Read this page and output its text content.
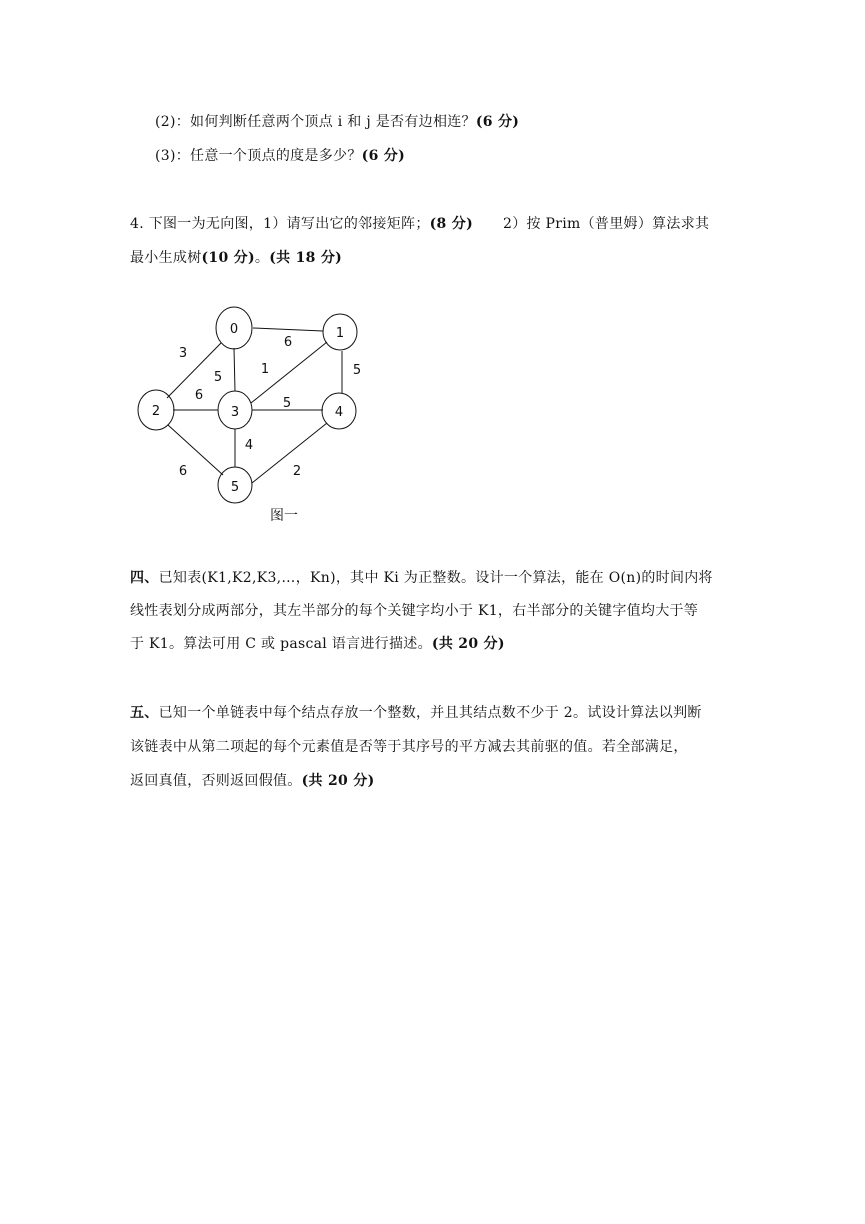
(2)：如何判断任意两个顶点 i 和 j 是否有边相连？(6 分)
(3)：任意一个顶点的度是多少？(6 分)
4. 下图一为无向图，1）请写出它的邻接矩阵；(8 分) 2）按 Prim（普里姆）算法求其
最小生成树(10 分)。(共 18 分)
0	1
2	3	4
5
6
3
5
1	5
6
5
6
4
2
图一
四、已知表(K1,K2,K3,…，Kn)，其中 Ki 为正整数。设计一个算法，能在 O(n)的时间内将
线性表划分成两部分，其左半部分的每个关键字均小于 K1，右半部分的关键字值均大于等
于 K1。算法可用 C 或 pascal 语言进行描述。(共 20 分)
五、已知一个单链表中每个结点存放一个整数，并且其结点数不少于 2。试设计算法以判断
该链表中从第二项起的每个元素值是否等于其序号的平方减去其前驱的值。若全部满足，
返回真值，否则返回假值。(共 20 分)
